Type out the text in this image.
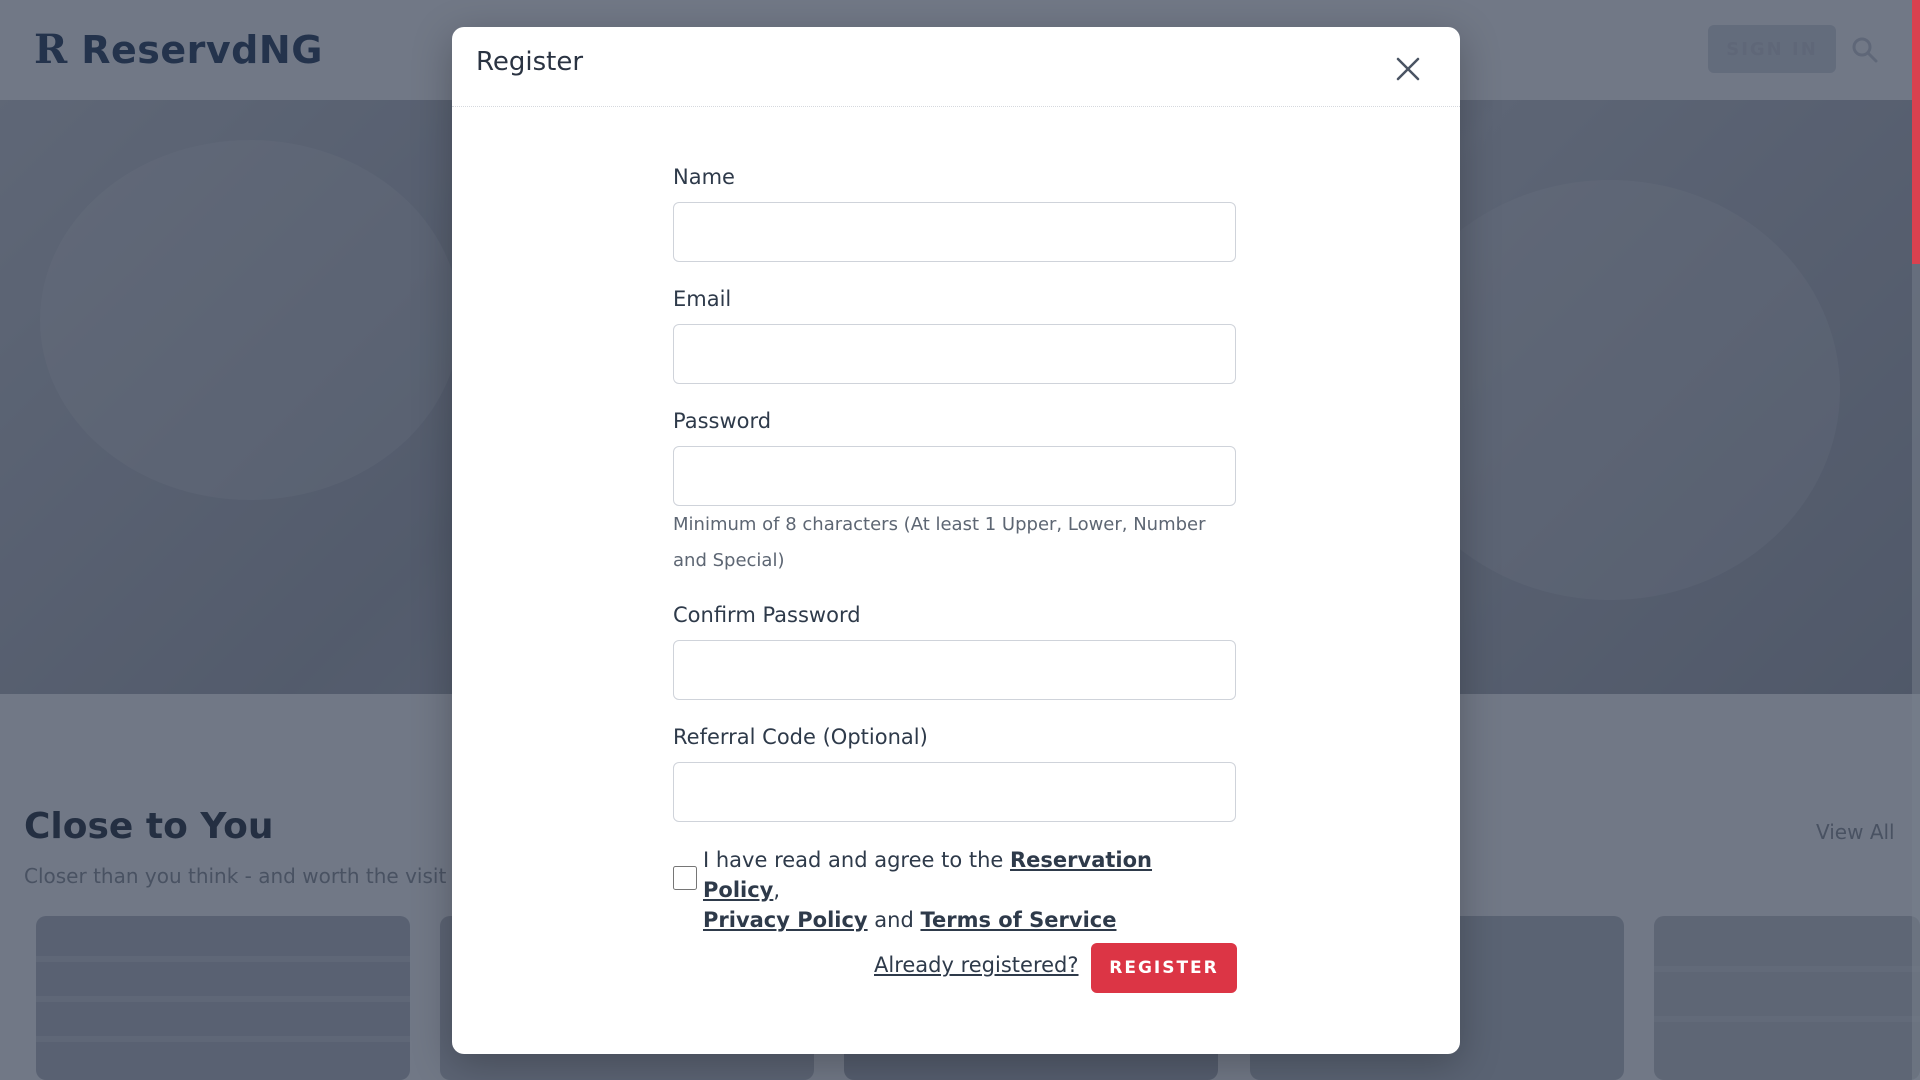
Register
Name
Email
Password

Minimum of 8 characters (At least 1 Upper, Lower, Number and Special)

Confirm Password
Referral Code (Optional)
I have read and agree to the Reservation Policy,
Privacy Policy and Terms of Service
Already registered?	REGISTER
